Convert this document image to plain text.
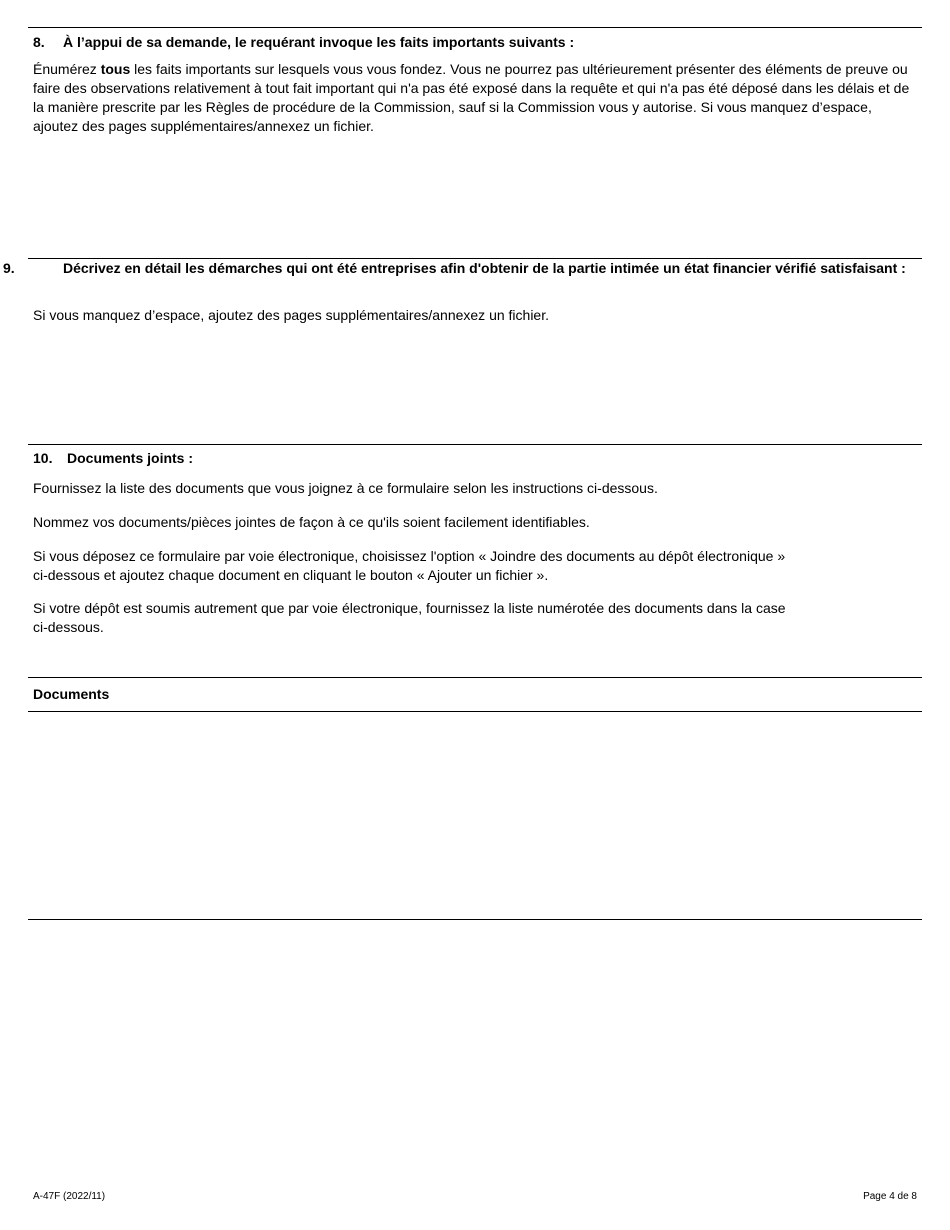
8. À l’appui de sa demande, le requérant invoque les faits importants suivants :

Énumérez tous les faits importants sur lesquels vous vous fondez. Vous ne pourrez pas ultérieurement présenter des éléments de preuve ou faire des observations relativement à tout fait important qui n'a pas été exposé dans la requête et qui n'a pas été déposé dans les délais et de la manière prescrite par les Règles de procédure de la Commission, sauf si la Commission vous y autorise. Si vous manquez d’espace, ajoutez des pages supplémentaires/annexez un fichier.

9.	Décrivez en détail les démarches qui ont été entreprises afin d'obtenir de la partie intimée un état financier vérifié satisfaisant :

Si vous manquez d’espace, ajoutez des pages supplémentaires/annexez un fichier.

10. Documents joints :

Fournissez la liste des documents que vous joignez à ce formulaire selon les instructions ci-dessous.

Nommez vos documents/pièces jointes de façon à ce qu'ils soient facilement identifiables.

Si vous déposez ce formulaire par voie électronique, choisissez l'option « Joindre des documents au dépôt électronique »
ci-dessous et ajoutez chaque document en cliquant le bouton « Ajouter un fichier ».
Si votre dépôt est soumis autrement que par voie électronique, fournissez la liste numérotée des documents dans la case
ci-dessous.
Documents
A-47F (2022/11)	Page 4 de 8
